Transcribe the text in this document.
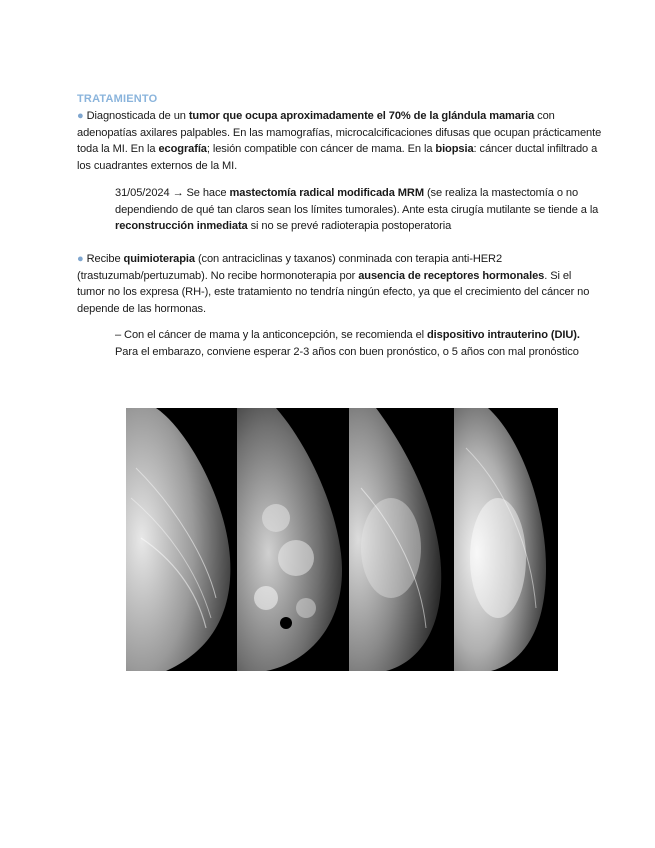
TRATAMIENTO
● Diagnosticada de un tumor que ocupa aproximadamente el 70% de la glándula mamaria con adenopatías axilares palpables. En las mamografías, microcalcificaciones difusas que ocupan prácticamente toda la MI. En la ecografía; lesión compatible con cáncer de mama. En la biopsia: cáncer ductal infiltrado a los cuadrantes externos de la MI.
31/05/2024 → Se hace mastectomía radical modificada MRM (se realiza la mastectomía o no dependiendo de qué tan claros sean los límites tumorales). Ante esta cirugía mutilante se tiende a la reconstrucción inmediata si no se prevé radioterapia postoperatoria
● Recibe quimioterapia (con antraciclinas y taxanos) conminada con terapia anti-HER2 (trastuzumab/pertuzumab). No recibe hormonoterapia por ausencia de receptores hormonales. Si el tumor no los expresa (RH-), este tratamiento no tendría ningún efecto, ya que el crecimiento del cáncer no depende de las hormonas.
– Con el cáncer de mama y la anticoncepción, se recomienda el dispositivo intrauterino (DIU). Para el embarazo, conviene esperar 2-3 años con buen pronóstico, o 5 años con mal pronóstico
